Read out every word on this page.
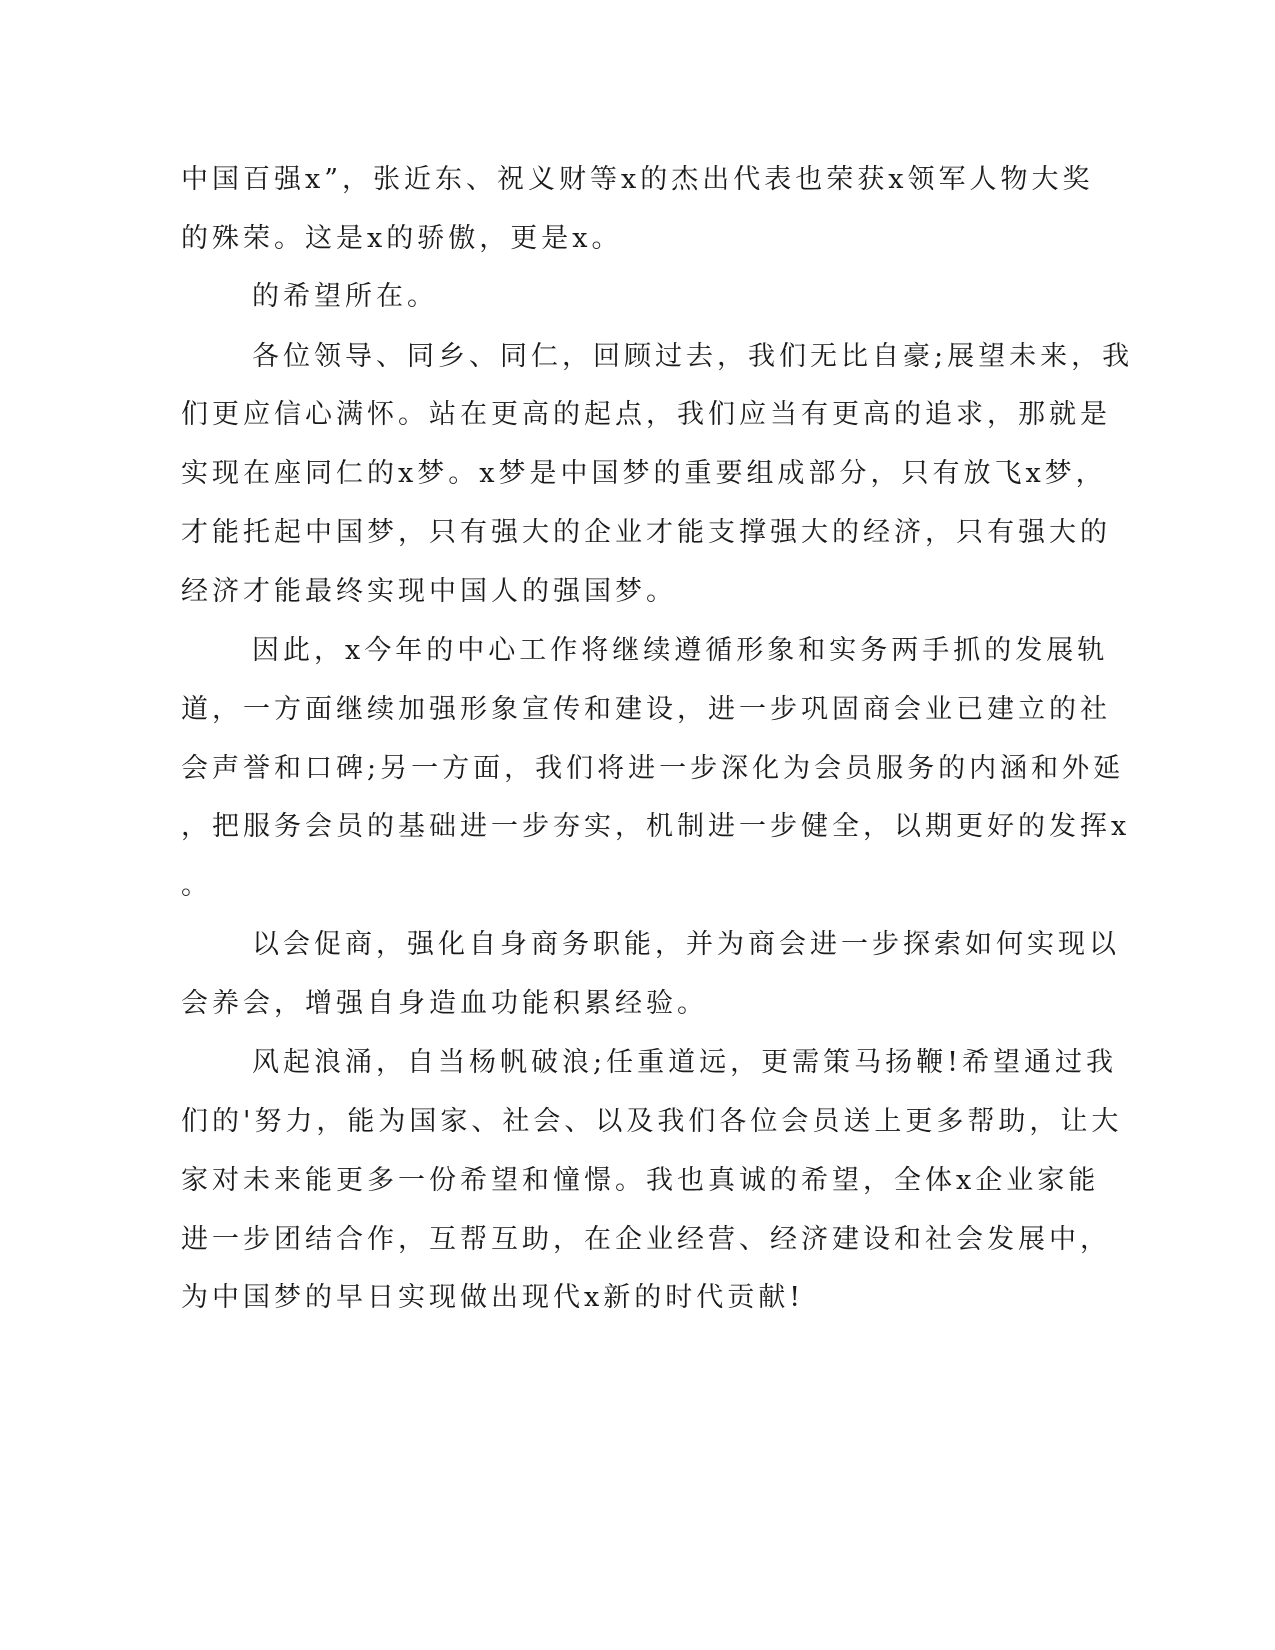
中国百强x”，张近东、祝义财等x的杰出代表也荣获x领军人物大奖

的殊荣。这是x的骄傲，更是x。

的希望所在。

各位领导、同乡、同仁，回顾过去，我们无比自豪;展望未来，我

们更应信心满怀。站在更高的起点，我们应当有更高的追求，那就是

实现在座同仁的x梦。x梦是中国梦的重要组成部分，只有放飞x梦，

才能托起中国梦，只有强大的企业才能支撑强大的经济，只有强大的

经济才能最终实现中国人的强国梦。

因此，x今年的中心工作将继续遵循形象和实务两手抓的发展轨

道，一方面继续加强形象宣传和建设，进一步巩固商会业已建立的社

会声誉和口碑;另一方面，我们将进一步深化为会员服务的内涵和外延

，把服务会员的基础进一步夯实，机制进一步健全，以期更好的发挥x

。

以会促商，强化自身商务职能，并为商会进一步探索如何实现以

会养会，增强自身造血功能积累经验。

风起浪涌，自当杨帆破浪;任重道远，更需策马扬鞭!希望通过我

们的'努力，能为国家、社会、以及我们各位会员送上更多帮助，让大

家对未来能更多一份希望和憧憬。我也真诚的希望，全体x企业家能

进一步团结合作，互帮互助，在企业经营、经济建设和社会发展中，

为中国梦的早日实现做出现代x新的时代贡献!
